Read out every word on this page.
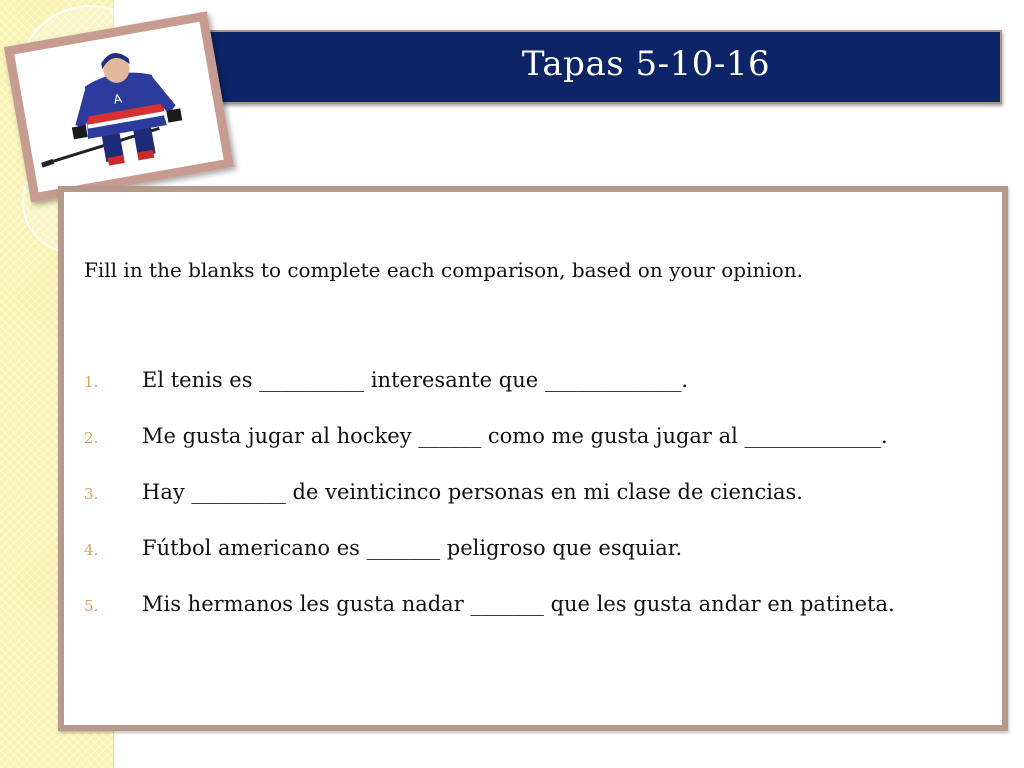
Tapas 5-10-16
A
Fill in the blanks to complete each comparison, based on your opinion.
1. El tenis es __________ interesante que _____________.
2. Me gusta jugar al hockey ______ como me gusta jugar al _____________.
3. Hay _________ de veinticinco personas en mi clase de ciencias.
4. Fútbol americano es _______ peligroso que esquiar.
5. Mis hermanos les gusta nadar _______ que les gusta andar en patineta.
